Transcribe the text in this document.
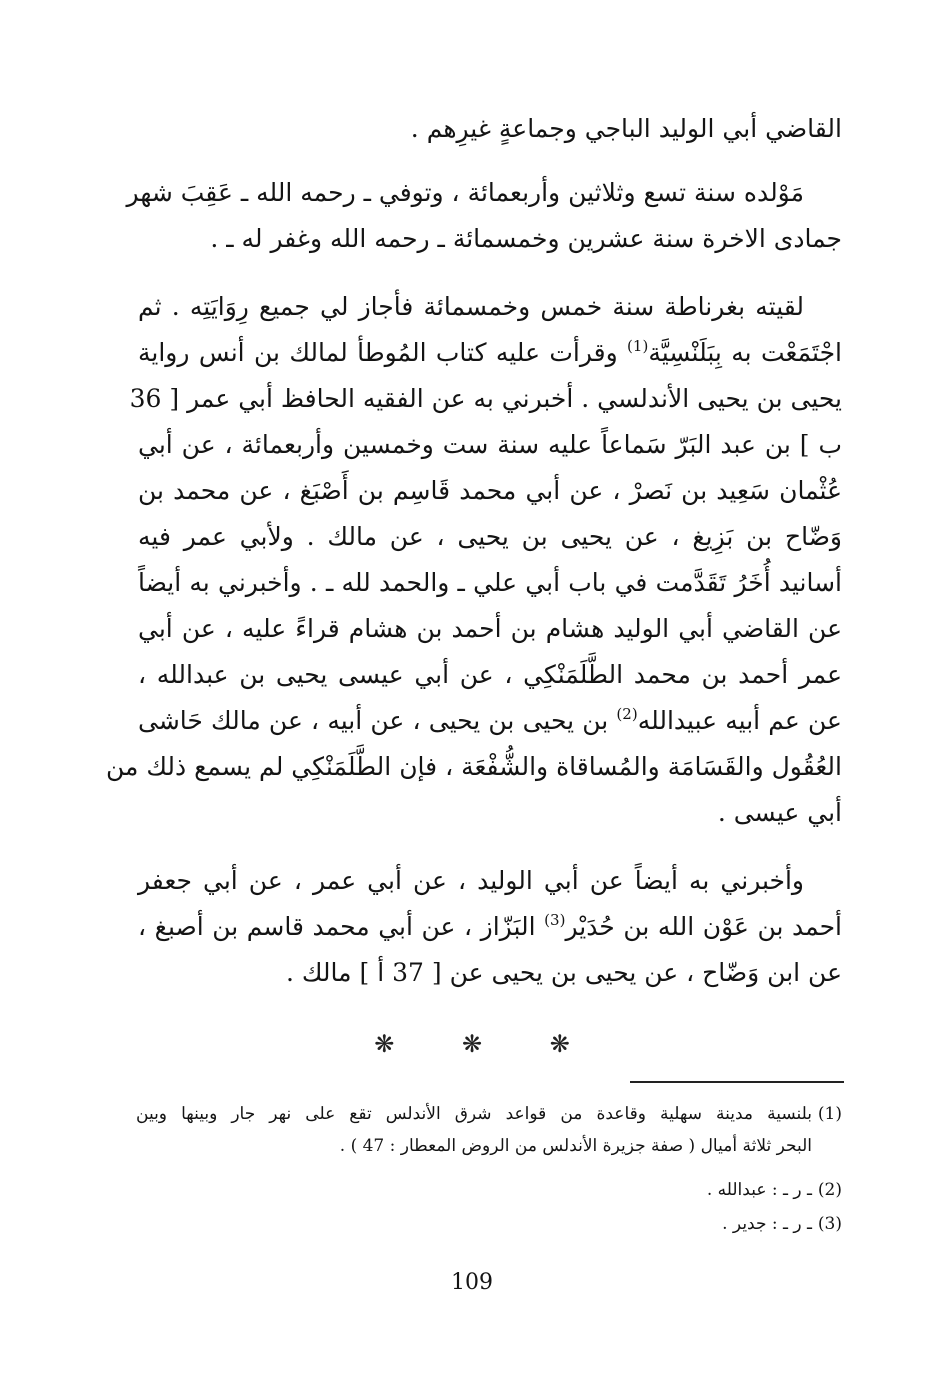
القاضي أبي الوليد الباجي وجماعةٍ غيرِهم .
مَوْلده سنة تسع وثلاثين وأربعمائة ، وتوفي ـ رحمه الله ـ عَقِبَ شهر
جمادى الاخرة سنة عشرين وخمسمائة ـ رحمه الله وغفر له ـ .
لقيته بغرناطة سنة خمس وخمسمائة فأجاز لي جميع رِوَايَتِه . ثم
اجْتَمَعْت به بِبَلَنْسِيَّة$^{(1)}$ وقرأت عليه كتاب المُوطأ لمالك بن أنس رواية
يحيى بن يحيى الأندلسي . أخبرني به عن الفقيه الحافظ أبي عمر [ 36
ب ] بن عبد البَرّ سَماعاً عليه سنة ست وخمسين وأربعمائة ، عن أبي
عُثْمان سَعِيد بن نَصرْ ، عن أبي محمد قَاسِم بن أَصْبَغ ، عن محمد بن
وَضّاح بن بَزِيغ ، عن يحيى بن يحيى ، عن مالك . ولأبي عمر فيه
أسانيد أُخَرُ تَقَدَّمت في باب أبي علي ـ والحمد لله ـ . وأخبرني به أيضاً
عن القاضي أبي الوليد هشام بن أحمد بن هشام قراءً عليه ، عن أبي
عمر أحمد بن محمد الطَّلَمَنْكِي ، عن أبي عيسى يحيى بن عبدالله ،
عن عم أبيه عبيدالله$^{(2)}$ بن يحيى بن يحيى ، عن أبيه ، عن مالك حَاشى
العُقُول والقَسَامَة والمُساقاة والشُّفْعَة ، فإن الطَّلَمَنْكِي لم يسمع ذلك من
أبي عيسى .
وأخبرني به أيضاً عن أبي الوليد ، عن أبي عمر ، عن أبي جعفر
أحمد بن عَوْن الله بن حُدَيْر$^{(3)}$ البَزّاز ، عن أبي محمد قاسم بن أصبغ ،
عن ابن وَضّاح ، عن يحيى بن يحيى عن [ 37 أ ] مالك .
❋	❋	❋
(1)بلنسية مدينة سهلية وقاعدة من قواعد شرق الأندلس تقع على نهر جار وبينها وبين
البحر ثلاثة أميال ( صفة جزيرة الأندلس من الروض المعطار : 47 ) .
(2)ـ ر ـ : عبدالله .
(3)ـ ر ـ : جدير .
109
